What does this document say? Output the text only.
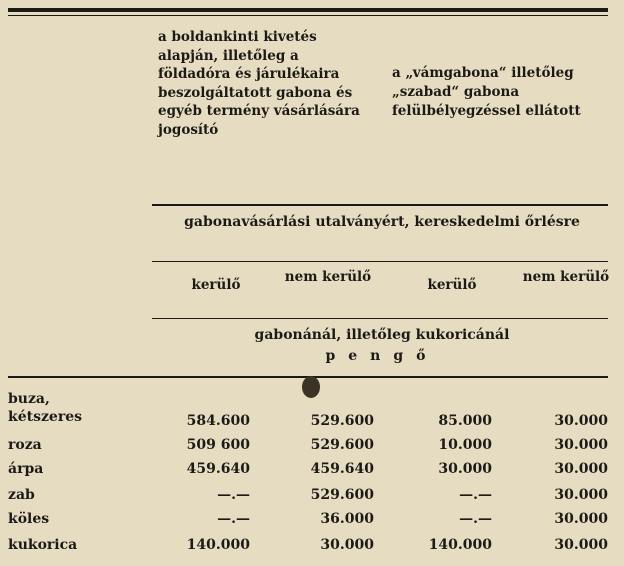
a boldankinti kivetés alapján, illetőleg a földadóra és járulékaira beszolgáltatott gabona és egyéb termény vásárlására jogosító
a „vámgabona“ illetőleg „szabad“ gabona felülbélyegzéssel ellátott
gabonavásárlási utalványért, kereskedelmi őrlésre
kerülő	nem kerülő	kerülő	nem kerülő
gabonánál, illetőleg kukoricánál
pengő
buza, kétszeres	584.600	529.600	85.000	30.000
roza	509 600	529.600	10.000	30.000
árpa	459.640	459.640	30.000	30.000
zab	—.—	529.600	—.—	30.000
köles	—.—	36.000	—.—	30.000
kukorica	140.000	30.000	140.000	30.000
